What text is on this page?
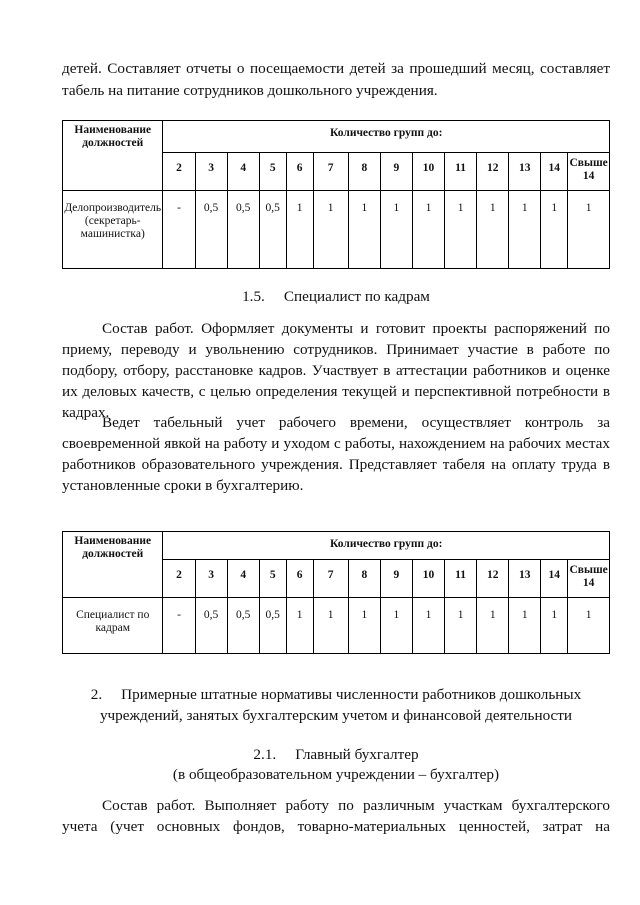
детей. Составляет отчеты о посещаемости детей за прошедший месяц, составляет
табель на питание сотрудников дошкольного учреждения.
Наименование должностей	Количество групп до:													
	2	3	4	5	6	7	8	9	10	11	12	13	14	Свыше 14
Делопроизводитель (секретарь-машинистка)	-	0,5	0,5	0,5	1	1	1	1	1	1	1	1	1	1
1.5. Специалист по кадрам
Состав работ. Оформляет документы и готовит проекты распоряжений по приему, переводу и увольнению сотрудников. Принимает участие в работе по подбору, отбору, расстановке кадров. Участвует в аттестации работников и оценке их деловых качеств, с целью определения текущей и перспективной потребности в кадрах.
Ведет табельный учет рабочего времени, осуществляет контроль за своевременной явкой на работу и уходом с работы, нахождением на рабочих местах работников образовательного учреждения. Представляет табеля на оплату труда в установленные сроки в бухгалтерию.
Наименование должностей	Количество групп до:													
	2	3	4	5	6	7	8	9	10	11	12	13	14	Свыше 14
Специалист по кадрам	-	0,5	0,5	0,5	1	1	1	1	1	1	1	1	1	1
2. Примерные штатные нормативы численности работников дошкольных
учреждений, занятых бухгалтерским учетом и финансовой деятельности
2.1. Главный бухгалтер
(в общеобразовательном учреждении – бухгалтер)
Состав работ. Выполняет работу по различным участкам бухгалтерского
учета (учет основных фондов, товарно-материальных ценностей, затрат на
